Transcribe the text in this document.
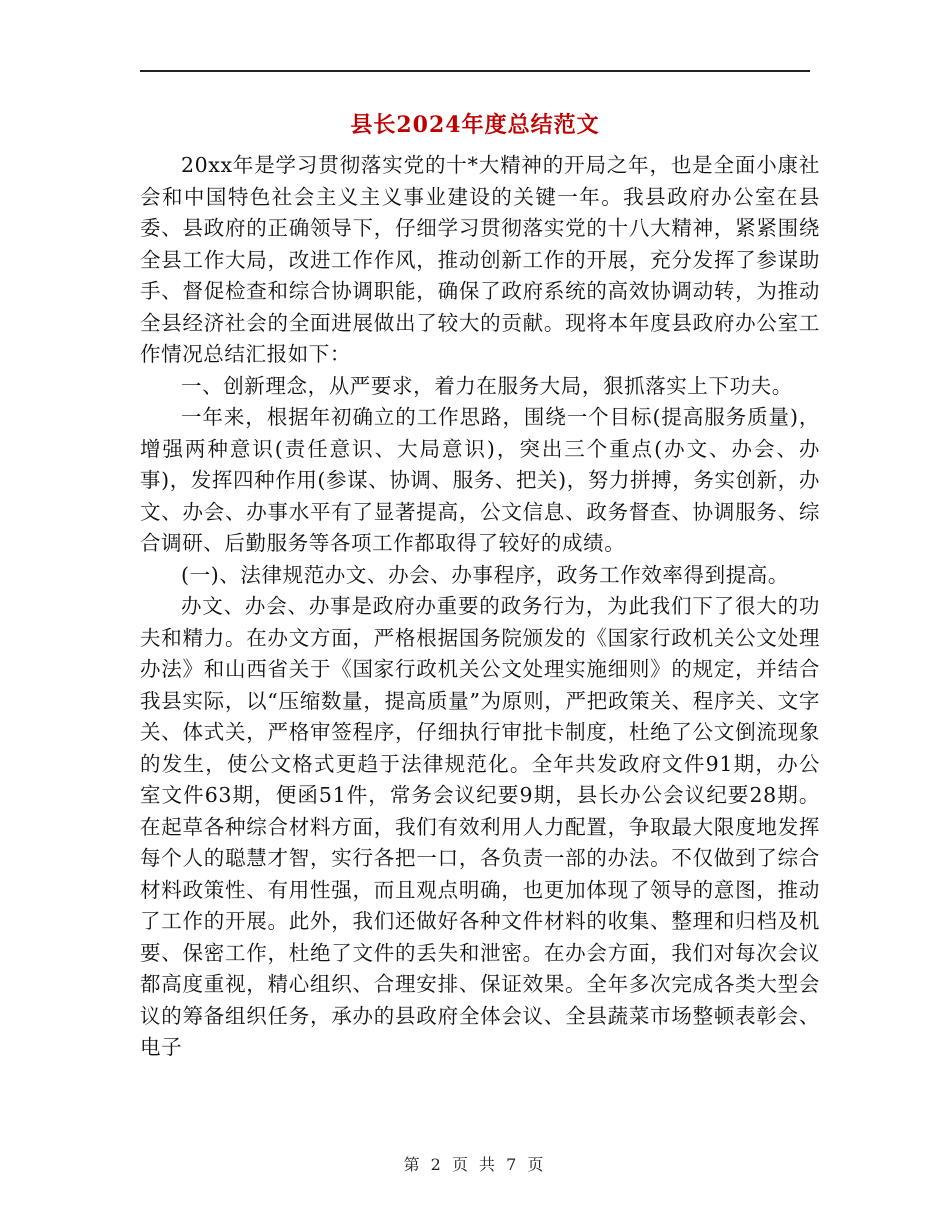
县长2024年度总结范文

20xx年是学习贯彻落实党的十*大精神的开局之年，也是全面小康社会和中国特色社会主义主义事业建设的关键一年。我县政府办公室在县委、县政府的正确领导下，仔细学习贯彻落实党的十八大精神，紧紧围绕全县工作大局，改进工作作风，推动创新工作的开展，充分发挥了参谋助手、督促检查和综合协调职能，确保了政府系统的高效协调动转，为推动全县经济社会的全面进展做出了较大的贡献。现将本年度县政府办公室工作情况总结汇报如下：

一、创新理念，从严要求，着力在服务大局，狠抓落实上下功夫。

一年来，根据年初确立的工作思路，围绕一个目标(提高服务质量)，增强两种意识(责任意识、大局意识)，突出三个重点(办文、办会、办事)，发挥四种作用(参谋、协调、服务、把关)，努力拼搏，务实创新，办文、办会、办事水平有了显著提高，公文信息、政务督查、协调服务、综合调研、后勤服务等各项工作都取得了较好的成绩。

(一)、法律规范办文、办会、办事程序，政务工作效率得到提高。

办文、办会、办事是政府办重要的政务行为，为此我们下了很大的功夫和精力。在办文方面，严格根据国务院颁发的《国家行政机关公文处理办法》和山西省关于《国家行政机关公文处理实施细则》的规定，并结合我县实际，以“压缩数量，提高质量”为原则，严把政策关、程序关、文字关、体式关，严格审签程序，仔细执行审批卡制度，杜绝了公文倒流现象的发生，使公文格式更趋于法律规范化。全年共发政府文件91期，办公室文件63期，便函51件，常务会议纪要9期，县长办公会议纪要28期。在起草各种综合材料方面，我们有效利用人力配置，争取最大限度地发挥每个人的聪慧才智，实行各把一口，各负责一部的办法。不仅做到了综合材料政策性、有用性强，而且观点明确，也更加体现了领导的意图，推动了工作的开展。此外，我们还做好各种文件材料的收集、整理和归档及机要、保密工作，杜绝了文件的丢失和泄密。在办会方面，我们对每次会议都高度重视，精心组织、合理安排、保证效果。全年多次完成各类大型会议的筹备组织任务，承办的县政府全体会议、全县蔬菜市场整顿表彰会、电子

第 2 页 共 7 页
